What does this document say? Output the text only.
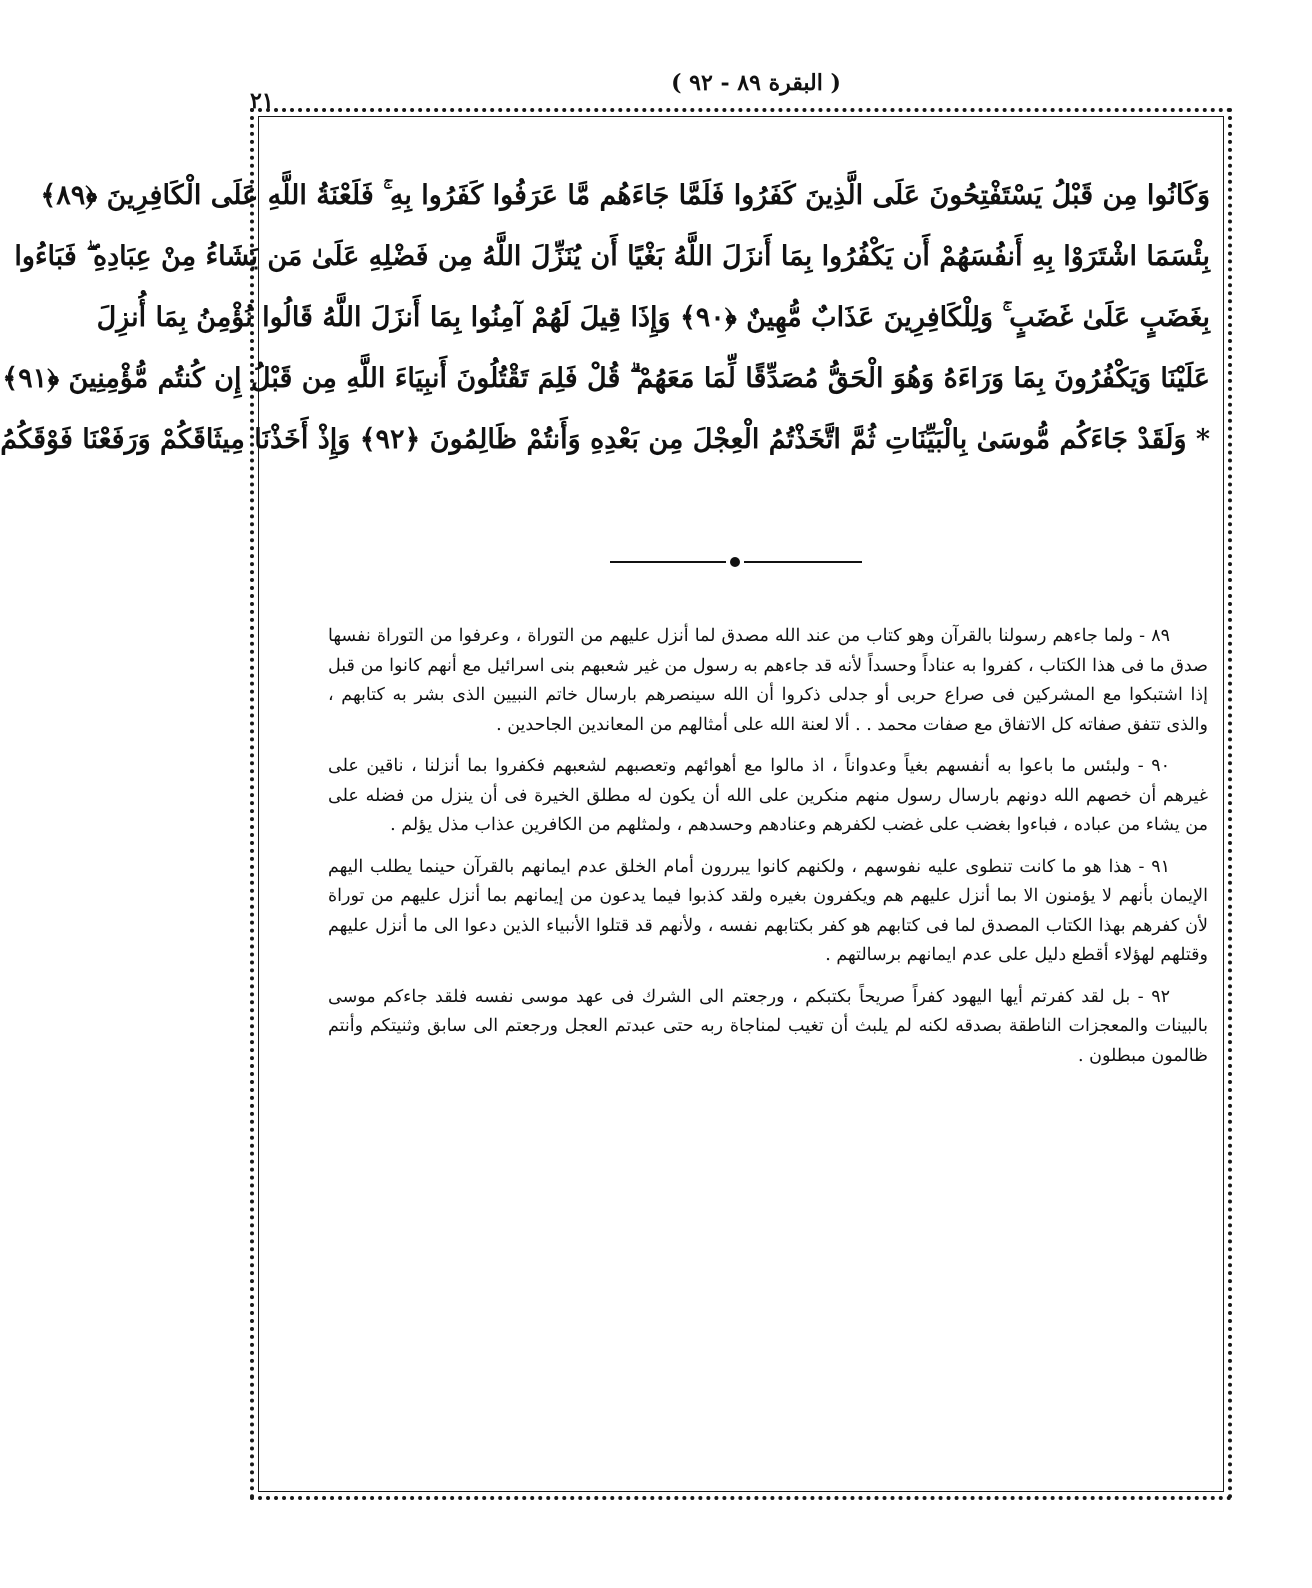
( البقرة ٨٩ - ٩٢ )
٢١
وَكَانُوا مِن قَبْلُ يَسْتَفْتِحُونَ عَلَى الَّذِينَ كَفَرُوا فَلَمَّا جَاءَهُم مَّا عَرَفُوا كَفَرُوا بِهِ ۚ فَلَعْنَةُ اللَّهِ عَلَى الْكَافِرِينَ ﴿٨٩﴾
بِئْسَمَا اشْتَرَوْا بِهِ أَنفُسَهُمْ أَن يَكْفُرُوا بِمَا أَنزَلَ اللَّهُ بَغْيًا أَن يُنَزِّلَ اللَّهُ مِن فَضْلِهِ عَلَىٰ مَن يَشَاءُ مِنْ عِبَادِهِ ۖ فَبَاءُوا
بِغَضَبٍ عَلَىٰ غَضَبٍ ۚ وَلِلْكَافِرِينَ عَذَابٌ مُّهِينٌ ﴿٩٠﴾ وَإِذَا قِيلَ لَهُمْ آمِنُوا بِمَا أَنزَلَ اللَّهُ قَالُوا نُؤْمِنُ بِمَا أُنزِلَ
عَلَيْنَا وَيَكْفُرُونَ بِمَا وَرَاءَهُ وَهُوَ الْحَقُّ مُصَدِّقًا لِّمَا مَعَهُمْ ۗ قُلْ فَلِمَ تَقْتُلُونَ أَنبِيَاءَ اللَّهِ مِن قَبْلُ إِن كُنتُم مُّؤْمِنِينَ ﴿٩١﴾
* وَلَقَدْ جَاءَكُم مُّوسَىٰ بِالْبَيِّنَاتِ ثُمَّ اتَّخَذْتُمُ الْعِجْلَ مِن بَعْدِهِ وَأَنتُمْ ظَالِمُونَ ﴿٩٢﴾ وَإِذْ أَخَذْنَا مِيثَاقَكُمْ وَرَفَعْنَا فَوْقَكُمُ

٨٩ - ولما جاءهم رسولنا بالقرآن وهو كتاب من عند الله مصدق لما أنزل عليهم من التوراة ، وعرفوا من التوراة نفسها صدق ما فى هذا الكتاب ، كفروا به عناداً وحسداً لأنه قد جاءهم به رسول من غير شعبهم بنى اسرائيل مع أنهم كانوا من قبل إذا اشتبكوا مع المشركين فى صراع حربى أو جدلى ذكروا أن الله سينصرهم بارسال خاتم النبيين الذى بشر به كتابهم ، والذى تتفق صفاته كل الاتفاق مع صفات محمد . . ألا لعنة الله على أمثالهم من المعاندين الجاحدين .

٩٠ - ولبئس ما باعوا به أنفسهم بغياً وعدواناً ، اذ مالوا مع أهوائهم وتعصبهم لشعبهم فكفروا بما أنزلنا ، ناقين على غيرهم أن خصهم الله دونهم بارسال رسول منهم منكرين على الله أن يكون له مطلق الخيرة فى أن ينزل من فضله على من يشاء من عباده ، فباءوا بغضب على غضب لكفرهم وعنادهم وحسدهم ، ولمثلهم من الكافرين عذاب مذل يؤلم .

٩١ - هذا هو ما كانت تنطوى عليه نفوسهم ، ولكنهم كانوا يبررون أمام الخلق عدم ايمانهم بالقرآن حينما يطلب اليهم الإيمان بأنهم لا يؤمنون الا بما أنزل عليهم هم ويكفرون بغيره ولقد كذبوا فيما يدعون من إيمانهم بما أنزل عليهم من توراة لأن كفرهم بهذا الكتاب المصدق لما فى كتابهم هو كفر بكتابهم نفسه ، ولأنهم قد قتلوا الأنبياء الذين دعوا الى ما أنزل عليهم وقتلهم لهؤلاء أقطع دليل على عدم ايمانهم برسالتهم .

٩٢ - بل لقد كفرتم أيها اليهود كفراً صريحاً بكتبكم ، ورجعتم الى الشرك فى عهد موسى نفسه فلقد جاءكم موسى بالبينات والمعجزات الناطقة بصدقه لكنه لم يلبث أن تغيب لمناجاة ربه حتى عبدتم العجل ورجعتم الى سابق وثنيتكم وأنتم ظالمون مبطلون .
